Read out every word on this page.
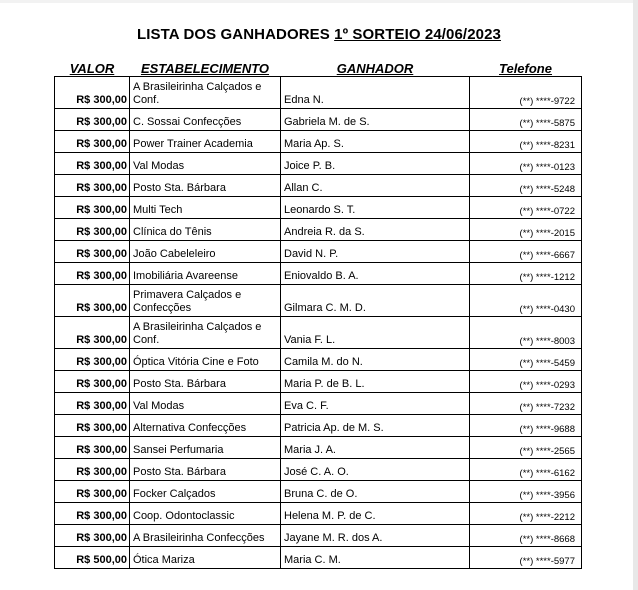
LISTA DOS GANHADORES 1º SORTEIO 24/06/2023
VALOR	ESTABELECIMENTO	GANHADOR	Telefone
R$ 300,00	A Brasileirinha Calçados e Conf.	Edna N.	(**) ****-9722
R$ 300,00	C. Sossai Confecções	Gabriela M. de S.	(**) ****-5875
R$ 300,00	Power Trainer Academia	Maria Ap. S.	(**) ****-8231
R$ 300,00	Val Modas	Joice P. B.	(**) ****-0123
R$ 300,00	Posto Sta. Bárbara	Allan C.	(**) ****-5248
R$ 300,00	Multi Tech	Leonardo S. T.	(**) ****-0722
R$ 300,00	Clínica do Tênis	Andreia R. da S.	(**) ****-2015
R$ 300,00	João Cabeleleiro	David N. P.	(**) ****-6667
R$ 300,00	Imobiliária Avareense	Eniovaldo B. A.	(**) ****-1212
R$ 300,00	Primavera Calçados e Confecções	Gilmara C. M. D.	(**) ****-0430
R$ 300,00	A Brasileirinha Calçados e Conf.	Vania F. L.	(**) ****-8003
R$ 300,00	Óptica Vitória Cine e Foto	Camila M. do N.	(**) ****-5459
R$ 300,00	Posto Sta. Bárbara	Maria P. de B. L.	(**) ****-0293
R$ 300,00	Val Modas	Eva C. F.	(**) ****-7232
R$ 300,00	Alternativa Confecções	Patricia Ap. de M. S.	(**) ****-9688
R$ 300,00	Sansei Perfumaria	Maria J. A.	(**) ****-2565
R$ 300,00	Posto Sta. Bárbara	José C. A. O.	(**) ****-6162
R$ 300,00	Focker Calçados	Bruna C. de O.	(**) ****-3956
R$ 300,00	Coop. Odontoclassic	Helena M. P. de C.	(**) ****-2212
R$ 300,00	A Brasileirinha Confecções	Jayane M. R. dos A.	(**) ****-8668
R$ 500,00	Ótica Mariza	Maria C. M.	(**) ****-5977
